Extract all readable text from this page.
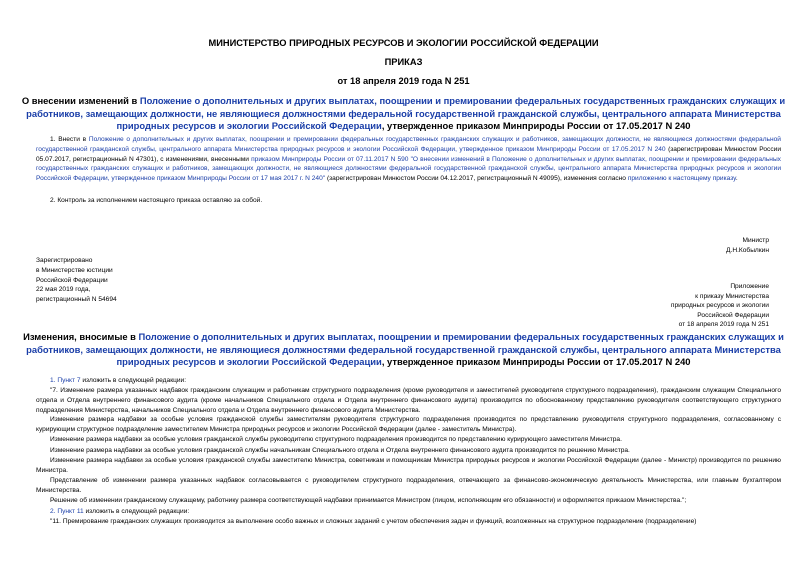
МИНИСТЕРСТВО ПРИРОДНЫХ РЕСУРСОВ И ЭКОЛОГИИ РОССИЙСКОЙ ФЕДЕРАЦИИ
ПРИКАЗ
от 18 апреля 2019 года N 251
О внесении изменений в Положение о дополнительных и других выплатах, поощрении и премировании федеральных государственных гражданских служащих и работников, замещающих должности, не являющиеся должностями федеральной государственной гражданской службы, центрального аппарата Министерства природных ресурсов и экологии Российской Федерации, утвержденное приказом Минприроды России от 17.05.2017 N 240
1. Внести в Положение о дополнительных и других выплатах, поощрении и премировании федеральных государственных гражданских служащих и работников, замещающих должности, не являющиеся должностями федеральной государственной гражданской службы, центрального аппарата Министерства природных ресурсов и экологии Российской Федерации, утвержденное приказом Минприроды России от 17.05.2017 N 240 (зарегистрирован Минюстом России 05.07.2017, регистрационный N 47301), с изменениями, внесенными приказом Минприроды России от 07.11.2017 N 590 "О внесении изменений в Положение о дополнительных и других выплатах, поощрении и премировании федеральных государственных гражданских служащих и работников, замещающих должности, не являющиеся должностями федеральной государственной гражданской службы, центрального аппарата Министерства природных ресурсов и экологии Российской Федерации, утвержденное приказом Минприроды России от 17 мая 2017 г. N 240" (зарегистрирован Минюстом России 04.12.2017, регистрационный N 49095), изменения согласно приложению к настоящему приказу.
2. Контроль за исполнением настоящего приказа оставляю за собой.
Министр
Д.Н.Кобылкин
Зарегистрировано
в Министерстве юстиции
Российской Федерации
22 мая 2019 года,
регистрационный N 54694
Приложение
к приказу Министерства
природных ресурсов и экологии
Российской Федерации
от 18 апреля 2019 года N 251
Изменения, вносимые в Положение о дополнительных и других выплатах, поощрении и премировании федеральных государственных гражданских служащих и работников, замещающих должности, не являющиеся должностями федеральной государственной гражданской службы, центрального аппарата Министерства природных ресурсов и экологии Российской Федерации, утвержденное приказом Минприроды России от 17.05.2017 N 240
1. Пункт 7 изложить в следующей редакции:
"7. Изменение размера указанных надбавок гражданским служащим и работникам структурного подразделения (кроме руководителя и заместителей руководителя структурного подразделения), гражданским служащим Специального отдела и Отдела внутреннего финансового аудита (кроме начальников Специального отдела и Отдела внутреннего финансового аудита) производится по обоснованному представлению руководителя соответствующего структурного подразделения Министерства, начальников Специального отдела и Отдела внутреннего финансового аудита Министерства.
Изменение размера надбавки за особые условия гражданской службы заместителям руководителя структурного подразделения производится по представлению руководителя структурного подразделения, согласованному с курирующим структурное подразделение заместителем Министра природных ресурсов и экологии Российской Федерации (далее - заместитель Министра).
Изменение размера надбавки за особые условия гражданской службы руководителю структурного подразделения производится по представлению курирующего заместителя Министра.
Изменение размера надбавки за особые условия гражданской службы начальникам Специального отдела и Отдела внутреннего финансового аудита производится по решению Министра.
Изменение размера надбавки за особые условия гражданской службы заместителю Министра, советникам и помощникам Министра природных ресурсов и экологии Российской Федерации (далее - Министр) производится по решению Министра.
Представление об изменении размера указанных надбавок согласовывается с руководителем структурного подразделения, отвечающего за финансово-экономическую деятельность Министерства, или главным бухгалтером Министерства.
Решение об изменении гражданскому служащему, работнику размера соответствующей надбавки принимается Министром (лицом, исполняющим его обязанности) и оформляется приказом Министерства.";
2. Пункт 11 изложить в следующей редакции:
"11. Премирование гражданских служащих производится за выполнение особо важных и сложных заданий с учетом обеспечения задач и функций, возложенных на структурное подразделение (подразделение)
